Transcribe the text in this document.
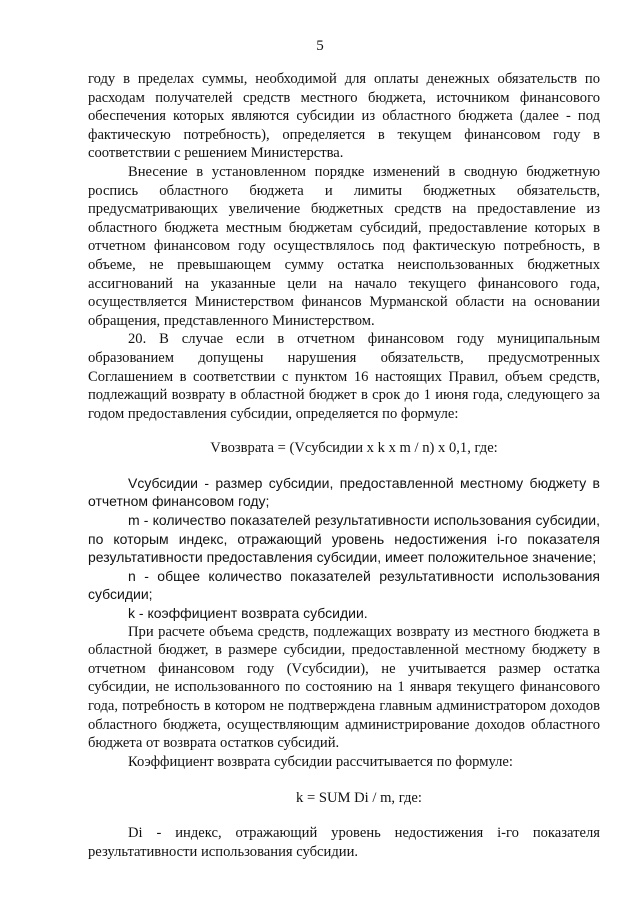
5

году в пределах суммы, необходимой для оплаты денежных обязательств по расходам получателей средств местного бюджета, источником финансового обеспечения которых являются субсидии из областного бюджета (далее - под фактическую потребность), определяется в текущем финансовом году в соответствии с решением Министерства.

Внесение в установленном порядке изменений в сводную бюджетную роспись областного бюджета и лимиты бюджетных обязательств, предусматривающих увеличение бюджетных средств на предоставление из областного бюджета местным бюджетам субсидий, предоставление которых в отчетном финансовом году осуществлялось под фактическую потребность, в объеме, не превышающем сумму остатка неиспользованных бюджетных ассигнований на указанные цели на начало текущего финансового года, осуществляется Министерством финансов Мурманской области на основании обращения, представленного Министерством.

20. В случае если в отчетном финансовом году муниципальным образованием допущены нарушения обязательств, предусмотренных Соглашением в соответствии с пунктом 16 настоящих Правил, объем средств, подлежащий возврату в областной бюджет в срок до 1 июня года, следующего за годом предоставления субсидии, определяется по формуле:

Vвозврата = (Vсубсидии x k x m / n) x 0,1, где:

Vсубсидии - размер субсидии, предоставленной местному бюджету в отчетном финансовом году;

m - количество показателей результативности использования субсидии, по которым индекс, отражающий уровень недостижения i-го показателя результативности предоставления субсидии, имеет положительное значение;

n - общее количество показателей результативности использования субсидии;

k - коэффициент возврата субсидии.

При расчете объема средств, подлежащих возврату из местного бюджета в областной бюджет, в размере субсидии, предоставленной местному бюджету в отчетном финансовом году (Vсубсидии), не учитывается размер остатка субсидии, не использованного по состоянию на 1 января текущего финансового года, потребность в котором не подтверждена главным администратором доходов областного бюджета, осуществляющим администрирование доходов областного бюджета от возврата остатков субсидий.

Коэффициент возврата субсидии рассчитывается по формуле:

k = SUM Di / m, где:

Di - индекс, отражающий уровень недостижения i-го показателя результативности использования субсидии.
